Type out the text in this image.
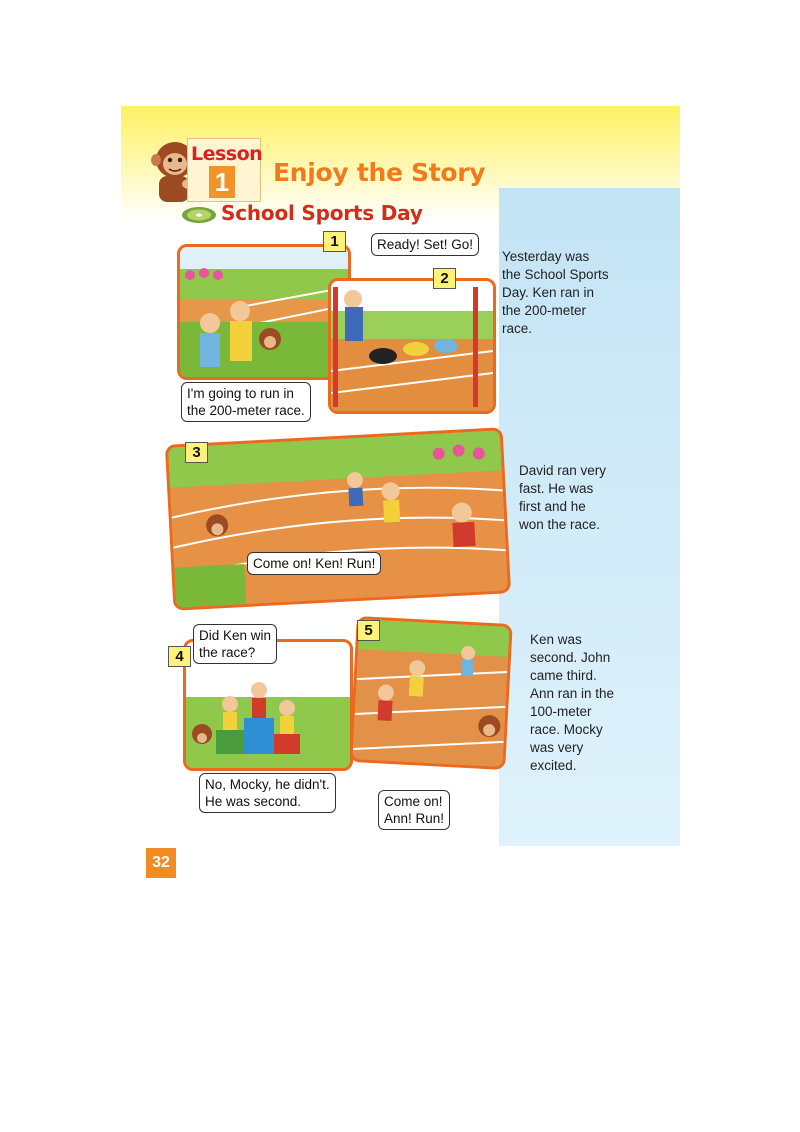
Lesson
1 Enjoy the Story
School Sports Day
1
2
Ready! Set! Go!
I'm going to run in
the 200-meter race.
Yesterday was
the School Sports
Day. Ken ran in
the 200-meter
race.
3
Come on! Ken! Run!
David ran very
fast. He was
first and he
won the race.
4
Did Ken win
the race?
No, Mocky, he didn't.
He was second.
5
Come on!
Ann! Run!
Ken was
second. John
came third.
Ann ran in the
100-meter
race. Mocky
was very
excited.
32
